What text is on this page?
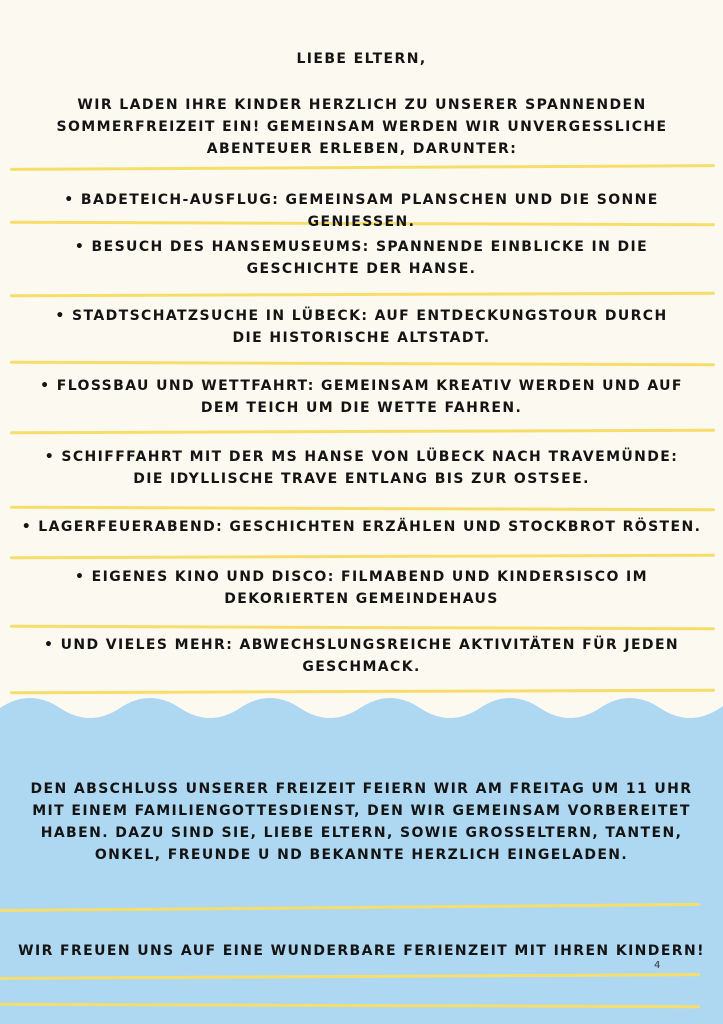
LIEBE ELTERN,
WIR LADEN IHRE KINDER HERZLICH ZU UNSERER SPANNENDEN SOMMERFREIZEIT EIN! GEMEINSAM WERDEN WIR UNVERGESSLICHE ABENTEUER ERLEBEN, DARUNTER:
• BADETEICH-AUSFLUG: GEMEINSAM PLANSCHEN UND DIE SONNE GENIESSEN.
• BESUCH DES HANSEMUSEUMS: SPANNENDE EINBLICKE IN DIE GESCHICHTE DER HANSE.
• STADTSCHATZSUCHE IN LÜBECK: AUF ENTDECKUNGSTOUR DURCH DIE HISTORISCHE ALTSTADT.
• FLOSSBAU UND WETTFAHRT: GEMEINSAM KREATIV WERDEN UND AUF DEM TEICH UM DIE WETTE FAHREN.
• SCHIFFFAHRT MIT DER MS HANSE VON LÜBECK NACH TRAVEMÜNDE: DIE IDYLLISCHE TRAVE ENTLANG BIS ZUR OSTSEE.
• LAGERFEUERABEND: GESCHICHTEN ERZÄHLEN UND STOCKBROT RÖSTEN.
• EIGENES KINO UND DISCO: FILMABEND UND KINDERSISCO IM DEKORIERTEN GEMEINDEHAUS
• UND VIELES MEHR: ABWECHSLUNGSREICHE AKTIVITÄTEN FÜR JEDEN GESCHMACK.
DEN ABSCHLUSS UNSERER FREIZEIT FEIERN WIR AM FREITAG UM 11 UHR MIT EINEM FAMILIENGOTTESDIENST, DEN WIR GEMEINSAM VORBEREITET HABEN. DAZU SIND SIE, LIEBE ELTERN, SOWIE GROSSELTERN, TANTEN, ONKEL, FREUNDE U ND BEKANNTE HERZLICH EINGELADEN.
WIR FREUEN UNS AUF EINE WUNDERBARE FERIENZEIT MIT IHREN KINDERN!
4
